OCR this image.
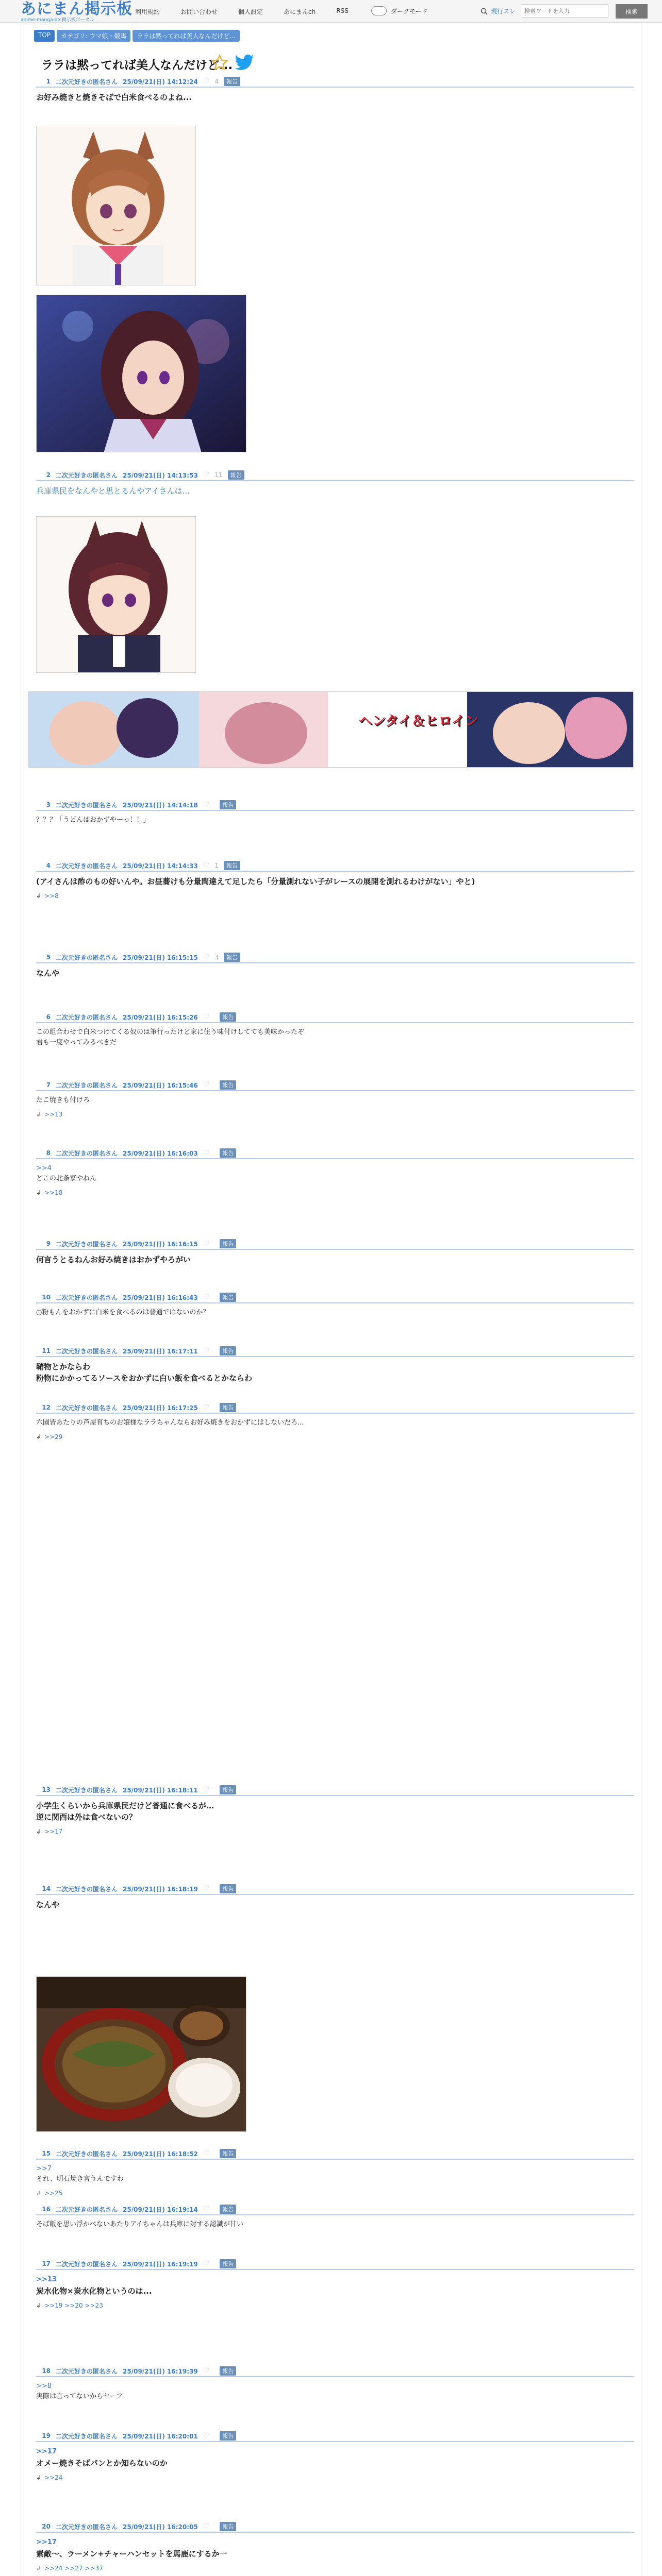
あにまん掲示板
anime-manga-etc掲示板ポータル
利用規約	お問い合わせ	個人設定	あにまんch	RSS	ダークモード	現行スレ
検索ワードを入力	検索
TOP	カテゴリ: ウマ娘・競馬	ララは黙ってれば美人なんだけど...
ララは黙ってれば美人なんだけど...
1 二次元好きの匿名さん 25/09/21(日) 14:12:24 ♡ 4	報告
お好み焼きと焼きそばで白米食べるのよね...
2 二次元好きの匿名さん 25/09/21(日) 14:13:53 ♡ 11	報告
兵庫県民をなんやと思とるんやアイさんは...
3 二次元好きの匿名さん 25/09/21(日) 14:14:18 ♡	報告
？？？「うどんはおかずやーっ！！」
4 二次元好きの匿名さん 25/09/21(日) 14:14:33 ♡ 1	報告
(アイさんは酢のもの好いんや。お昼蕎けも分量間違えて足したら「分量測れない子がレースの展開を測れるわけがない」やと)
↲ >>8
5 二次元好きの匿名さん 25/09/21(日) 16:15:15 ♡ 3	報告
なんや
6 二次元好きの匿名さん 25/09/21(日) 16:15:26 ♡	報告
この組合わせで白米つけてくる奴のは筆行ったけど家に住う味付けしてても美味かったぞ
君も一度やってみるべきだ
7 二次元好きの匿名さん 25/09/21(日) 16:15:46 ♡	報告
たこ焼きも付けろ
↲ >>13
8 二次元好きの匿名さん 25/09/21(日) 16:16:03 ♡	報告
>>4
どこの北条家やねん
↲ >>18
9 二次元好きの匿名さん 25/09/21(日) 16:16:15 ♡	報告
何言うとるねんお好み焼きはおかずやろがい
10 二次元好きの匿名さん 25/09/21(日) 16:16:43 ♡	報告
○粉もんをおかずに白米を食べるのは普通ではないのか？
11 二次元好きの匿名さん 25/09/21(日) 16:17:11 ♡	報告
鞘物とかならわ
粉物にかかってるソースをおかずに白い飯を食べるとかならわ
12 二次元好きの匿名さん 25/09/21(日) 16:17:25 ♡	報告
六園皆あたりの芦屋育ちのお嬢様なララちゃんならお好み焼きをおかずにはしないだろ...
↲ >>29
13 二次元好きの匿名さん 25/09/21(日) 16:18:11 ♡	報告
小学生くらいから兵庫県民だけど普通に食べるが…
逆に関西は外は食べないの？
↲ >>17
14 二次元好きの匿名さん 25/09/21(日) 16:18:19 ♡	報告
なんや
15 二次元好きの匿名さん 25/09/21(日) 16:18:52 ♡	報告
>>7
それ、明石焼き言うんですわ
↲ >>25
16 二次元好きの匿名さん 25/09/21(日) 16:19:14 ♡	報告
そば飯を思い浮かべないあたりアイちゃんは兵庫に対する認識が甘い
17 二次元好きの匿名さん 25/09/21(日) 16:19:19 ♡	報告
>>13
炭水化物×炭水化物というのは...
↲ >>19 >>20 >>23
18 二次元好きの匿名さん 25/09/21(日) 16:19:39 ♡	報告
>>8
実際は言ってないからセーフ
19 二次元好きの匿名さん 25/09/21(日) 16:20:01 ♡	報告
>>17
オメー焼きそばパンとか知らないのか
↲ >>24
20 二次元好きの匿名さん 25/09/21(日) 16:20:05 ♡	報告
>>17
素敵～、ラーメン+チャーハンセットを馬鹿にするか一
↲ >>24 >>27 >>37
ヘンタイ＆ヒロイン
